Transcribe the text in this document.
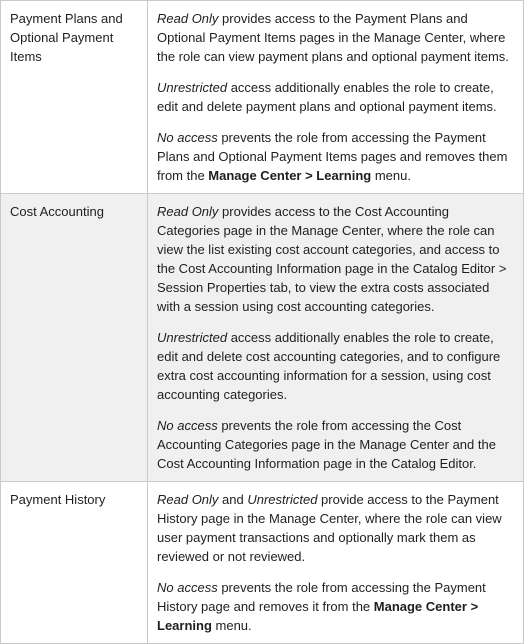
Payment Plans and Optional Payment Items	Read Only provides access to the Payment Plans and Optional Payment Items pages in the Manage Center, where the role can view payment plans and optional payment items.

Unrestricted access additionally enables the role to create, edit and delete payment plans and optional payment items.

No access prevents the role from accessing the Payment Plans and Optional Payment Items pages and removes them from the Manage Center > Learning menu.

Cost Accounting	Read Only provides access to the Cost Accounting Categories page in the Manage Center, where the role can view the list existing cost account categories, and access to the Cost Accounting Information page in the Catalog Editor > Session Properties tab, to view the extra costs associated with a session using cost accounting categories.

Unrestricted access additionally enables the role to create, edit and delete cost accounting categories, and to configure extra cost accounting information for a session, using cost accounting categories.

No access prevents the role from accessing the Cost Accounting Categories page in the Manage Center and the Cost Accounting Information page in the Catalog Editor.

Payment History	Read Only and Unrestricted provide access to the Payment History page in the Manage Center, where the role can view user payment transactions and optionally mark them as reviewed or not reviewed.

No access prevents the role from accessing the Payment History page and removes it from the Manage Center > Learning menu.
